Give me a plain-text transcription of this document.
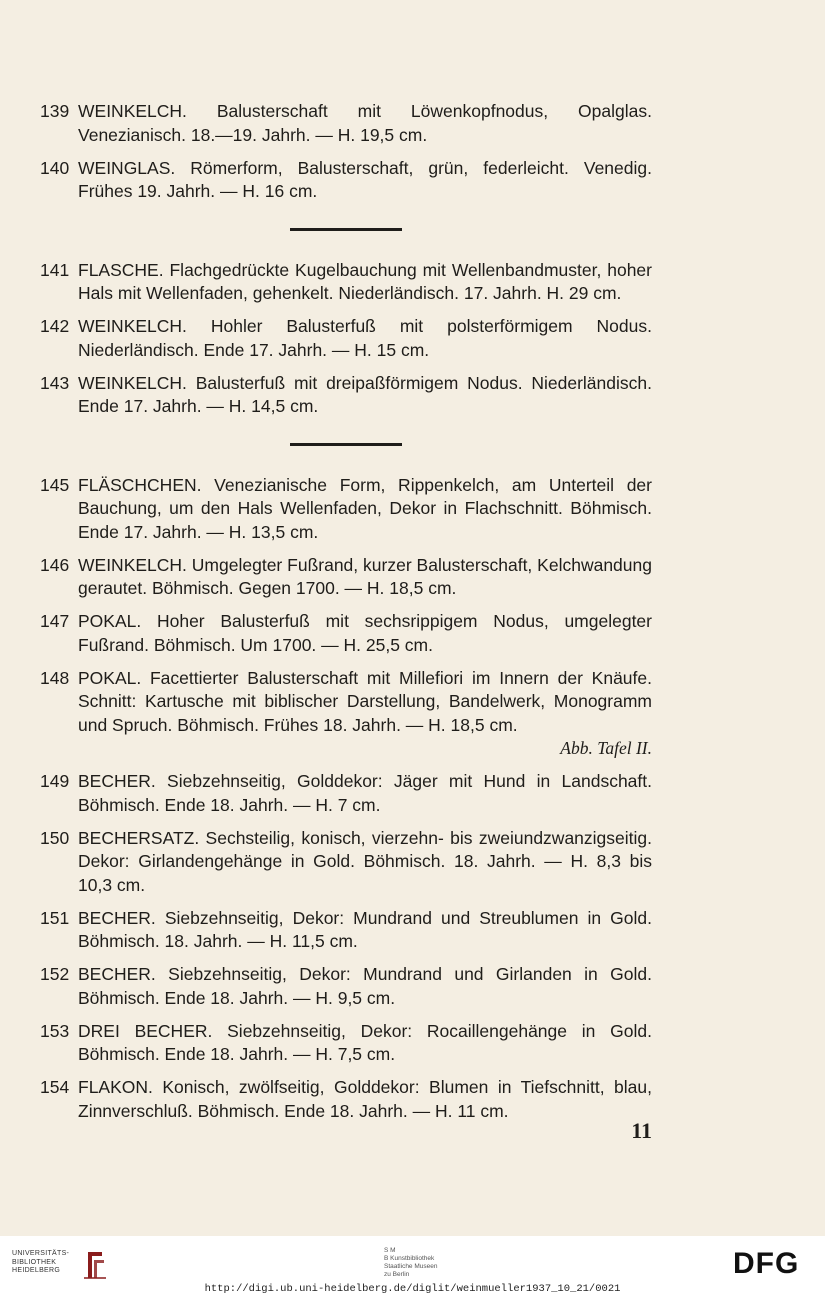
139 WEINKELCH. Balusterschaft mit Löwenkopfnodus, Opalglas. Venezianisch. 18.—19. Jahrh. — H. 19,5 cm.

140 WEINGLAS. Römerform, Balusterschaft, grün, federleicht. Venedig. Frühes 19. Jahrh. — H. 16 cm.

141 FLASCHE. Flachgedrückte Kugelbauchung mit Wellenbandmuster, hoher Hals mit Wellenfaden, gehenkelt. Niederländisch. 17. Jahrh. H. 29 cm.

142 WEINKELCH. Hohler Balusterfuß mit polsterförmigem Nodus. Niederländisch. Ende 17. Jahrh. — H. 15 cm.

143 WEINKELCH. Balusterfuß mit dreipaßförmigem Nodus. Niederländisch. Ende 17. Jahrh. — H. 14,5 cm.

145 FLÄSCHCHEN. Venezianische Form, Rippenkelch, am Unterteil der Bauchung, um den Hals Wellenfaden, Dekor in Flachschnitt. Böhmisch. Ende 17. Jahrh. — H. 13,5 cm.

146 WEINKELCH. Umgelegter Fußrand, kurzer Balusterschaft, Kelchwandung gerautet. Böhmisch. Gegen 1700. — H. 18,5 cm.

147 POKAL. Hoher Balusterfuß mit sechsrippigem Nodus, umgelegter Fußrand. Böhmisch. Um 1700. — H. 25,5 cm.

148 POKAL. Facettierter Balusterschaft mit Millefiori im Innern der Knäufe. Schnitt: Kartusche mit biblischer Darstellung, Bandelwerk, Monogramm und Spruch. Böhmisch. Frühes 18. Jahrh. — H. 18,5 cm.

Abb. Tafel II.

149 BECHER. Siebzehnseitig, Golddekor: Jäger mit Hund in Landschaft. Böhmisch. Ende 18. Jahrh. — H. 7 cm.

150 BECHERSATZ. Sechsteilig, konisch, vierzehn- bis zweiundzwanzigseitig. Dekor: Girlandengehänge in Gold. Böhmisch. 18. Jahrh. — H. 8,3 bis 10,3 cm.

151 BECHER. Siebzehnseitig, Dekor: Mundrand und Streublumen in Gold. Böhmisch. 18. Jahrh. — H. 11,5 cm.

152 BECHER. Siebzehnseitig, Dekor: Mundrand und Girlanden in Gold. Böhmisch. Ende 18. Jahrh. — H. 9,5 cm.

153 DREI BECHER. Siebzehnseitig, Dekor: Rocaillengehänge in Gold. Böhmisch. Ende 18. Jahrh. — H. 7,5 cm.

154 FLAKON. Konisch, zwölfseitig, Golddekor: Blumen in Tiefschnitt, blau, Zinnverschluß. Böhmisch. Ende 18. Jahrh. — H. 11 cm.

11
UNIVERSITÄTS-
BIBLIOTHEK
HEIDELBERG
S M
B Kunstbibliothek
Staatliche Museen
zu Berlin	DFG
http://digi.ub.uni-heidelberg.de/diglit/weinmueller1937_10_21/0021
